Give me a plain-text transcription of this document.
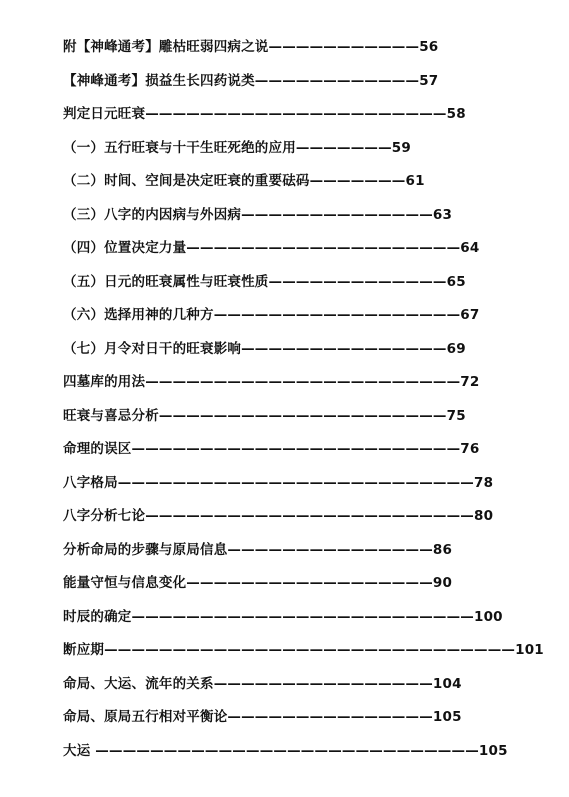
附【神峰通考】雕枯旺弱四病之说———————————56
【神峰通考】损益生长四药说类————————————57
判定日元旺衰——————————————————————58
（一）五行旺衰与十干生旺死绝的应用———————59
（二）时间、空间是决定旺衰的重要砝码———————61
（三）八字的内因病与外因病——————————————63
（四）位置决定力量————————————————————64
（五）日元的旺衰属性与旺衰性质—————————————65
（六）选择用神的几种方——————————————————67
（七）月令对日干的旺衰影响———————————————69
四墓库的用法———————————————————————72
旺衰与喜忌分析—————————————————————75
命理的误区————————————————————————76
八字格局——————————————————————————78
八字分析七论————————————————————————80
分析命局的步骤与原局信息———————————————86
能量守恒与信息变化——————————————————90
时辰的确定—————————————————————————100
断应期——————————————————————————————101
命局、大运、流年的关系————————————————104
命局、原局五行相对平衡论———————————————105
大运 ————————————————————————————105
